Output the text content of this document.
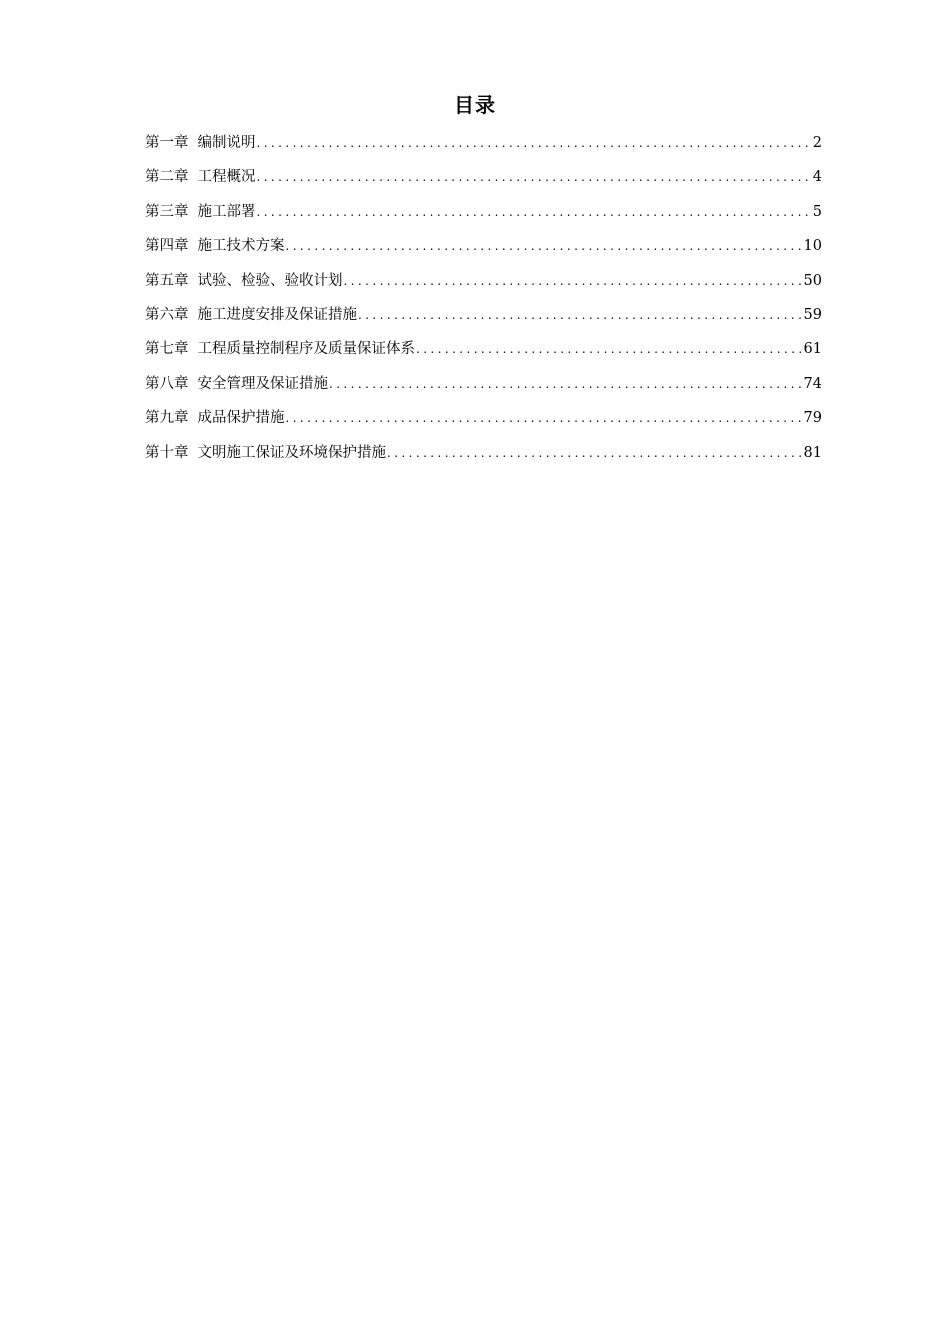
目录
第一章 编制说明 .....	2
第二章 工程概况 .....	4
第三章 施工部署 .....	5
第四章 施工技术方案 .....	10
第五章 试验、检验、验收计划 .....	50
第六章 施工进度安排及保证措施 .....	59
第七章 工程质量控制程序及质量保证体系 .....	61
第八章 安全管理及保证措施 .....	74
第九章 成品保护措施 .....	79
第十章 文明施工保证及环境保护措施 .....	81
